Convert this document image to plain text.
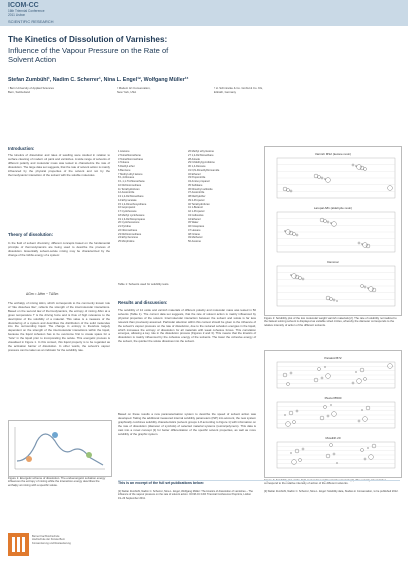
ICOM-CC
16th Triennial Conference
2011 Lisbon
SCIENTIFIC RESEARCH
The Kinetics of Dissolution of Varnishes:
Influence of the Vapour Pressure on the Rate of
Solvent Action
Stefan Zumbühl¹, Nadim C. Scherrer¹, Nina L. Engel¹², Wolfgang Müller¹³
¹ Bern University of Applied Sciences
Bern, Switzerland
² Modern Art Conservation,
New York, USA
³ H. Schmincke & Co. GmbH & Co. KG,
Erkrath, Germany
Introduction:
The kinetics of dissolution and rates of swelling were studied in relation to surface cleaning of modern oil paint and varnishes. A wide range of solvents of different polarity and molecular mass was tested to characterize the rate of dissolution. The large data set suggests, that the rate of solvent action is mainly influenced by the physical properties of the solvent and not by the thermodynamic interaction of the solvent with the soluble molecules.
Theory of dissolution:
In the field of solvent chemistry, different concepts based on the fundamental principle of thermodynamics are being used to describe the process of dissolution. Essentially solvent-solute mixing may be characterized by the change of the Gibbs energy of a system:
ΔGm = ΔHm − TΔSm
The enthalpy of mixing ΔHm, which corresponds to the commonly known rule of “like dissolves like”, reflects the strength of the intermolecular interactions. Based on the second law of thermodynamics, the entropy of mixing ΔSm at a given temperature T is the driving force and is thus of high relevance to the description of the solubility of a material. This value is a measure of the disordering of a system and describes the distribution of the solid molecules into the surrounding liquid. The change in entropy is therefore largely dependent on the strength of the intermolecular interactions within the liquid, because the liquid cohesion has to be overcome first to create space for a “hole” in the liquid prior to incorporating the solute. This energetic process is visualised in Figure 1. In this context, this liquid property is to be regarded as the activation barrier of dissolution. In other words, the solvent’s vapour pressure can be taken as an indicator for the solubility rate.
Figure 1: Energetic scheme of dissolution. The endoenergetic solvation energy influences the entropy of mixing while the interaction energy describes the enthalpy at mixing with a specific solute.
1 Acetone
2 Tetrachloroethene
3 Tetrachloromethane
4 Toluene
5 Diethyl ether
6 Benzene
7 Methyl ethyl ketone
8 1,4-Dioxane
9 1,1,1-Trichloroethane
10 Dichloromethane
11 Tetrahydrofuran
12 Acetonitrile
13 1,2-Dichloroethane
14 Ethyl acetate
15 1,2-Dimethoxyethane
16 Isopropanol
17 Cyclohexane
18 Methyl cyclohexane
19 1,3-Dichloropropane
20 Cyclohexanone
21 Pyridine
22 Nitromethane
23 Dichloromethane
24 Ethyl benzene
25 Morpholine
26 Methyl ethyl ketone
27 1,2-Dichloroethane
28 Anisole
29 N-Methylpyrrolidone
30 1,4-Dioxane
31 N,N-Dimethylformamide
32 Ethanol
33 Propionitrile
34 Amino propanol
35 Sulfolane
36 Dimethyl sulfoxide
37 Acetonitrile
38 Diethylether
39 2-Propanol
40 Tetrahydrofuran
41 1-Butanol
42 1-Propanol
43 Cellosolve
44 Ethanol
45 Water
46 N-Heptane
47 Hexane
48 Octane
49 Methanol
50 Acetone
Table 1: Solvents used for solubility tests.
Results and discussion:
The solubility of 14 oxide and varnish materials of different polarity and molecular mass was tested in 50 solvents (Table 1). The current data set suggests, that the rate of solvent action is mainly influenced by physical properties of the solvent. Intermolecular interaction between the solvent and solute is far less relevant than previously assumed. Particular attention within this context should be given to the influence of the solvent’s vapour pressure on the rate of dissolution, due to the reduced solvation energies in the liquid, which increases the entropy of dissolution for all materials with weak cohesive forces. This correlation emerges, allowing a key role in the dissolution process (Figures 2 and 3). This means that the kinetics of dissolution is mainly influenced by the cohesive energy of the solvents. The lower the cohesive energy of the solvent, the quicker the solute dissolves into the solvent.
Based on these results a new parameterisation system to describe the speed of solvent action was developed. Taking the additional measured internal solubility parameters (ISP) into account, the new system graphically combines solubility characteristics (solvent groups 1-8 according to Figure 1) with information on the rate of dissolution (diameter of symbols) of selected material systems (resins/polymers). This data is cast into a novel concept [1] for better differentiation of the specific solvent properties, as well as more solubility of the graphic system.
Varnish MS2 (ketone resin)
Laropal A81 (aldehyde resin)
Dammar
Figure 2: Solubility plot of the low molecular weight varnish materials [2]. The rate of solubility normalized to the fastest solving solvent is displayed as variable sized circles, whereby the diameter corresponds to the relative intensity of action of the different solvents.
Paraloid B72
Plextol B500
Mowilith 20
correspond to the relative intensity of action of the different solvents.
This is an excerpt of the full set publications below:
[1] Stefan Zumbühl, Nadim C. Scherrer, Nina L. Engel, Wolfgang Müller: The kinetics of dissolution of varnishes – The influence of the vapour pressure on the rate of solvent action. ICOM-CC 16th Triennial Conference Preprints, Lisbon 19–23 September 2011.
[2] Stefan Zumbühl, Nadim C. Scherrer, Nina L. Engel: Solubility data, Studies in Conservation, to be published 2012.
Berner Fachhochschule
Hochschule der Künste Bern
Konservierung und Restaurierung
